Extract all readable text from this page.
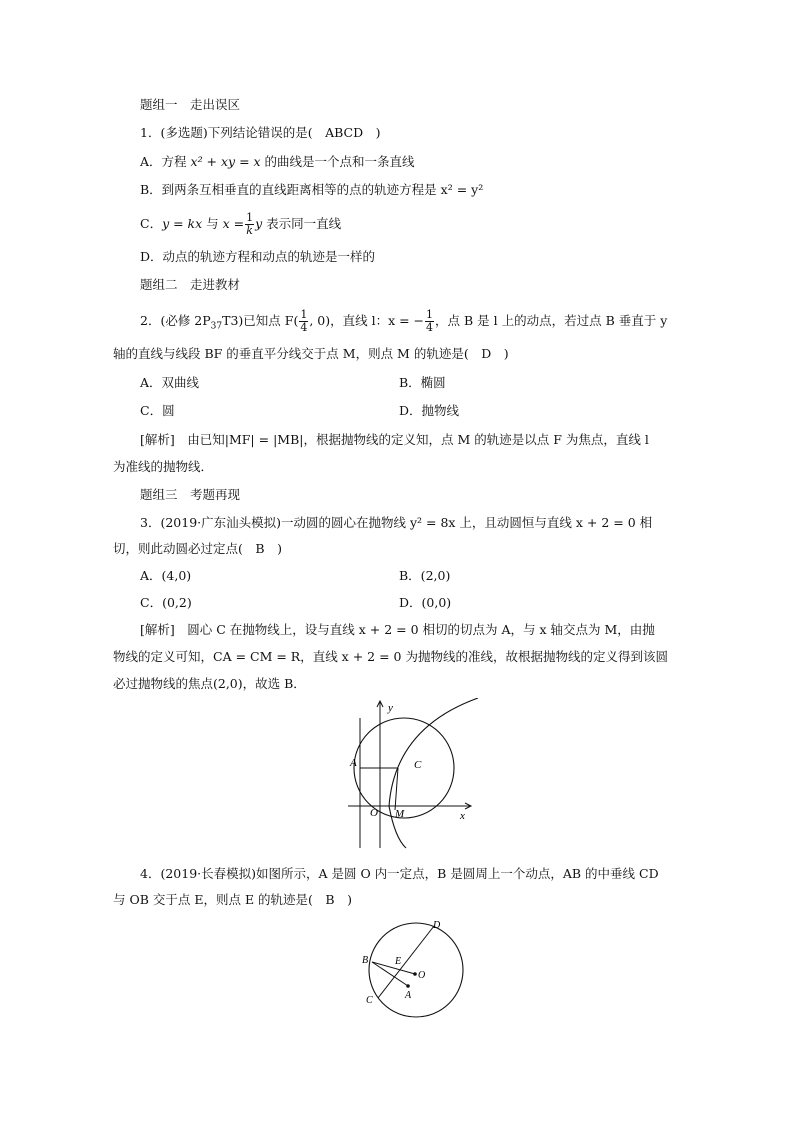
题组一　走出误区
1．(多选题)下列结论错误的是(　ABCD　)
A．方程 x² + xy = x 的曲线是一个点和一条直线
B．到两条互相垂直的直线距离相等的点的轨迹方程是 x² = y²
C．y = kx 与 $x = \frac{1}{k}$ y 表示同一直线
D．动点的轨迹方程和动点的轨迹是一样的
题组二　走进教材
2．(必修 $2P_{37}T3$)已知点 $F( \frac{1}{4}$ , 0)，直线 l：x = − $\frac{1}{4}$ ，点 B 是 l 上的动点，若过点 B 垂直于 y
轴的直线与线段 BF 的垂直平分线交于点 M，则点 M 的轨迹是(　D　)
A．双曲线	B．椭圆
C．圆	D．抛物线
[解析]　由已知|MF| = |MB|，根据抛物线的定义知，点 M 的轨迹是以点 F 为焦点，直线 l
为准线的抛物线．
题组三　考题再现
3．(2019·广东汕头模拟)一动圆的圆心在抛物线 y² = 8x 上，且动圆恒与直线 x + 2 = 0 相
切，则此动圆必过定点(　B　)
A．(4,0)	B．(2,0)
C．(0,2)	D．(0,0)
[解析]　圆心 C 在抛物线上，设与直线 x + 2 = 0 相切的切点为 A，与 x 轴交点为 M，由抛
物线的定义可知，CA = CM = R，直线 x + 2 = 0 为抛物线的准线，故根据抛物线的定义得到该圆
必过抛物线的焦点(2,0)，故选 B．
A	C
O M	x
y
4．(2019·长春模拟)如图所示，A 是圆 O 内一定点，B 是圆周上一个动点，AB 的中垂线 CD
与 OB 交于点 E，则点 E 的轨迹是(　B　)
D
B	E
O
A
C
